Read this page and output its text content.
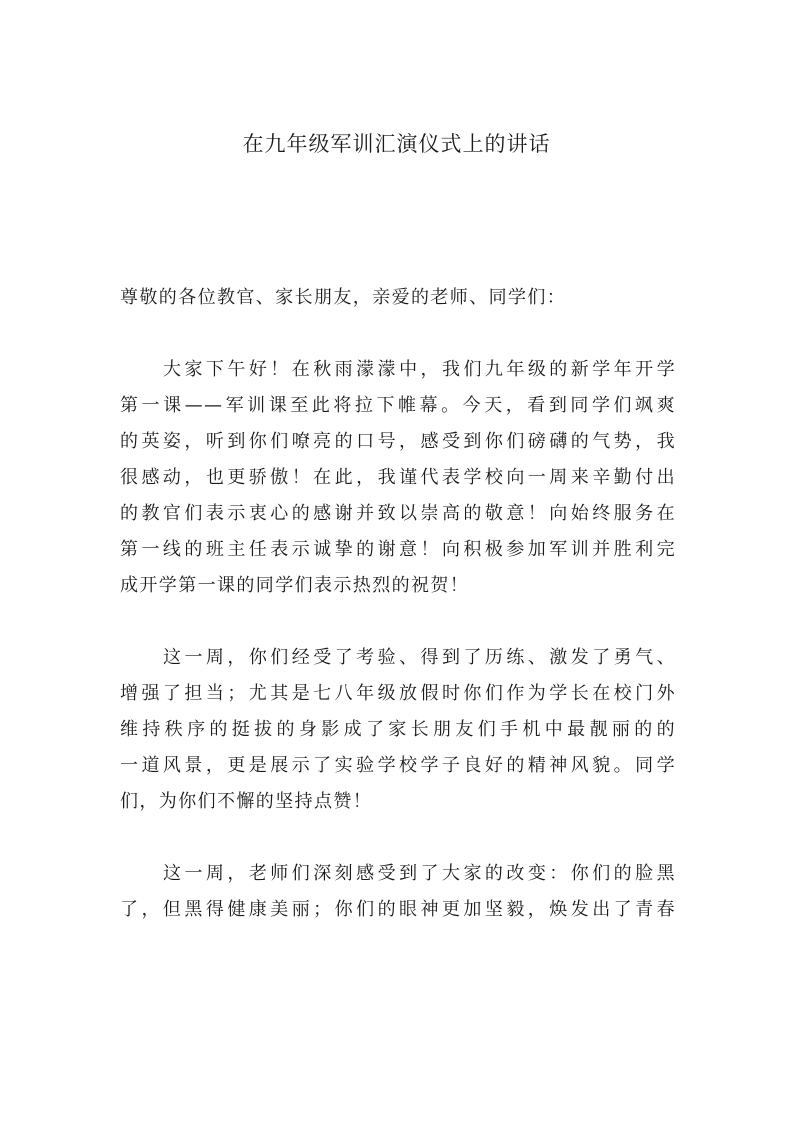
在九年级军训汇演仪式上的讲话

尊敬的各位教官、家长朋友，亲爱的老师、同学们：

大家下午好！在秋雨濛濛中，我们九年级的新学年开学
第一课——军训课至此将拉下帷幕。今天，看到同学们飒爽
的英姿，听到你们嘹亮的口号，感受到你们磅礴的气势，我
很感动，也更骄傲！在此，我谨代表学校向一周来辛勤付出
的教官们表示衷心的感谢并致以崇高的敬意！向始终服务在
第一线的班主任表示诚挚的谢意！向积极参加军训并胜利完
成开学第一课的同学们表示热烈的祝贺！
这一周，你们经受了考验、得到了历练、激发了勇气、
增强了担当；尤其是七八年级放假时你们作为学长在校门外
维持秩序的挺拔的身影成了家长朋友们手机中最靓丽的的
一道风景，更是展示了实验学校学子良好的精神风貌。同学
们，为你们不懈的坚持点赞！
这一周，老师们深刻感受到了大家的改变：你们的脸黑
了，但黑得健康美丽；你们的眼神更加坚毅，焕发出了青春
